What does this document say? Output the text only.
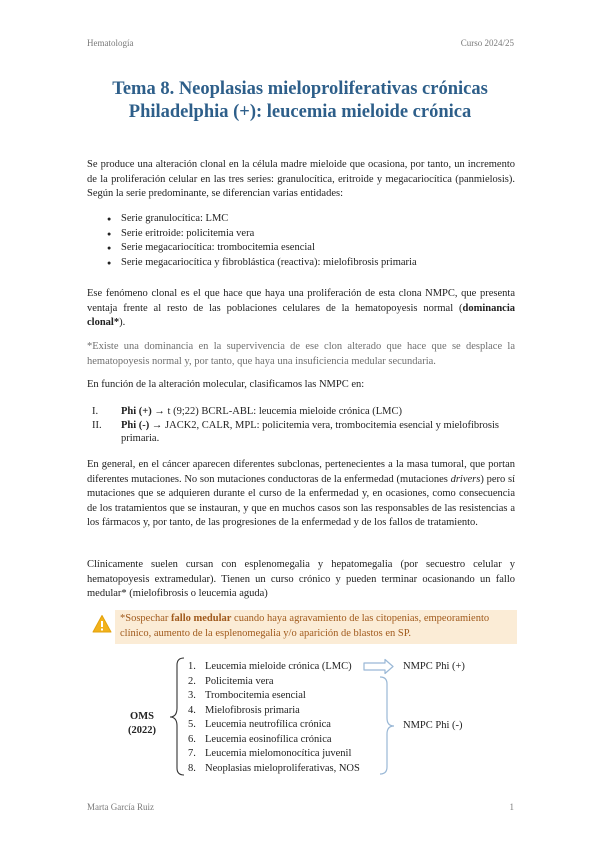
Hematología	Curso 2024/25
Tema 8. Neoplasias mieloproliferativas crónicas
Philadelphia (+): leucemia mieloide crónica
Se produce una alteración clonal en la célula madre mieloide que ocasiona, por tanto, un incremento de la proliferación celular en las tres series: granulocítica, eritroide y megacariocítica (panmielosis). Según la serie predominante, se diferencian varias entidades:
● Serie granulocítica: LMC
● Serie eritroide: policitemia vera
● Serie megacariocítica: trombocitemia esencial
● Serie megacariocítica y fibroblástica (reactiva): mielofibrosis primaria
Ese fenómeno clonal es el que hace que haya una proliferación de esta clona NMPC, que presenta ventaja frente al resto de las poblaciones celulares de la hematopoyesis normal (dominancia clonal*).
*Existe una dominancia en la supervivencia de ese clon alterado que hace que se desplace la hematopoyesis normal y, por tanto, que haya una insuficiencia medular secundaria.
En función de la alteración molecular, clasificamos las NMPC en:
I. Phi (+) → t (9;22) BCRL-ABL: leucemia mieloide crónica (LMC)
II. Phi (-) → JACK2, CALR, MPL: policitemia vera, trombocitemia esencial y mielofibrosis primaria.
En general, en el cáncer aparecen diferentes subclonas, pertenecientes a la masa tumoral, que portan diferentes mutaciones. No son mutaciones conductoras de la enfermedad (mutaciones drivers) pero sí mutaciones que se adquieren durante el curso de la enfermedad y, en ocasiones, como consecuencia de los tratamientos que se instauran, y que en muchos casos son las responsables de las resistencias a los fármacos y, por tanto, de las progresiones de la enfermedad y de los fallos de tratamiento.
Clínicamente suelen cursan con esplenomegalia y hepatomegalia (por secuestro celular y hematopoyesis extramedular). Tienen un curso crónico y pueden terminar ocasionando un fallo medular* (mielofibrosis o leucemia aguda)
*Sospechar fallo medular cuando haya agravamiento de las citopenias, empeoramiento clínico, aumento de la esplenomegalia y/o aparición de blastos en SP.
OMS
(2022)
1. Leucemia mieloide crónica (LMC)
2. Policitemia vera
3. Trombocitemia esencial
4. Mielofibrosis primaria
5. Leucemia neutrofílica crónica
6. Leucemia eosinofílica crónica
7. Leucemia mielomonocítica juvenil
8. Neoplasias mieloproliferativas, NOS
NMPC Phi (+)
NMPC Phi (-)
Marta García Ruiz	1
